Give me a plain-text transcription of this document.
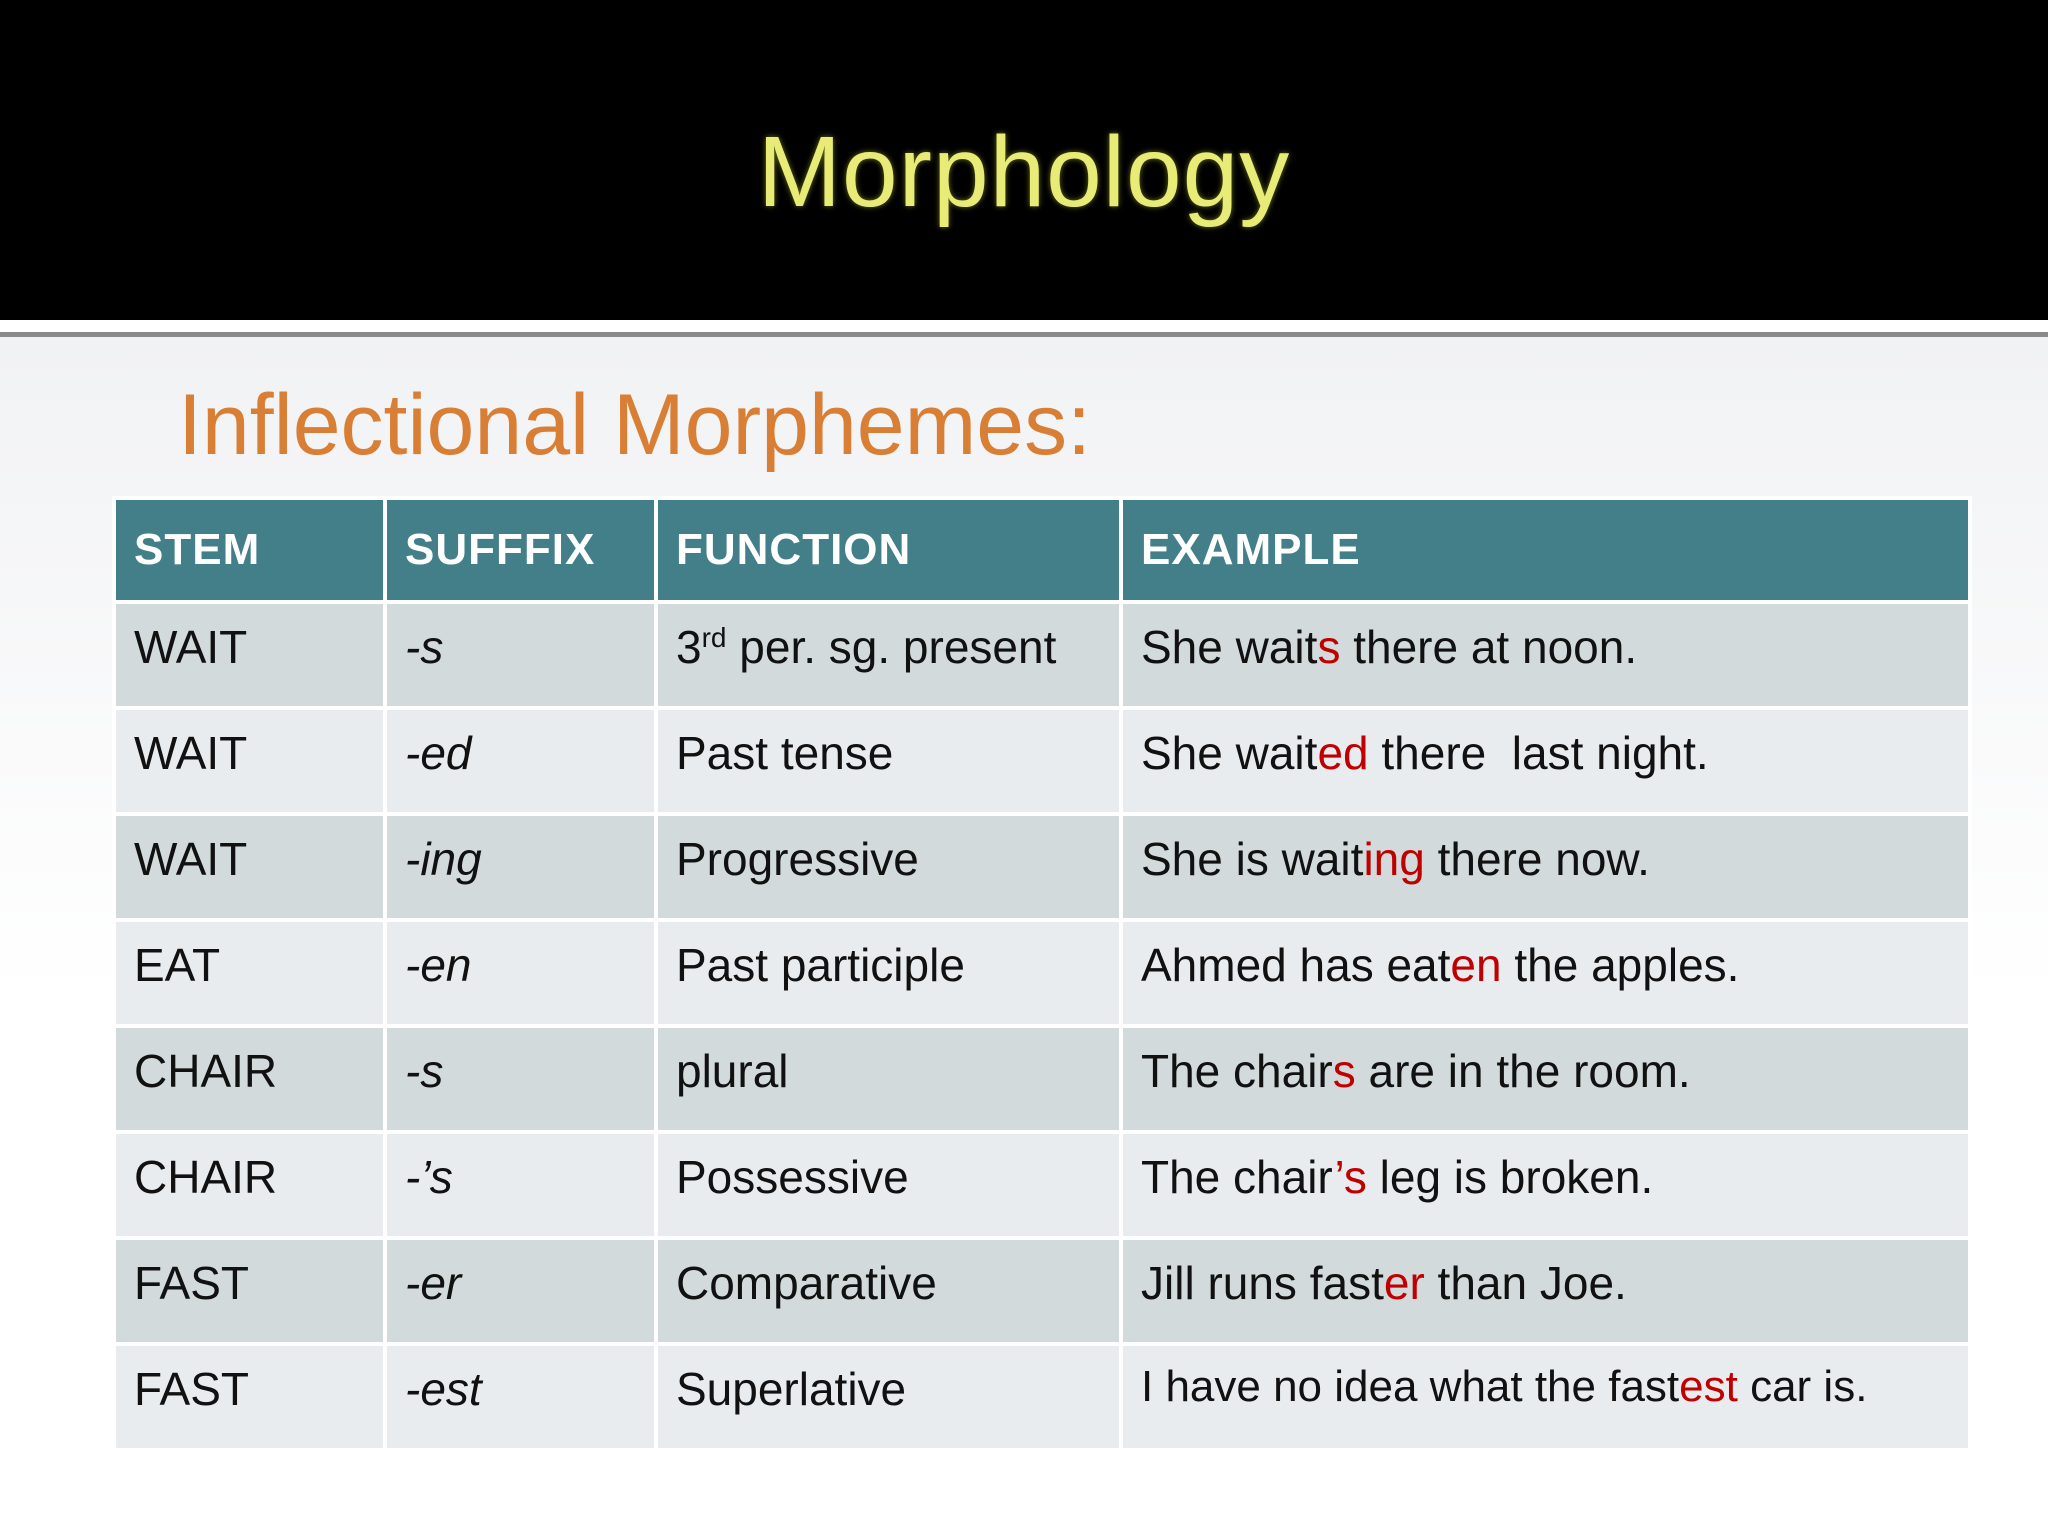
Morphology
Inflectional Morphemes:
STEM	SUFFFIX	FUNCTION	EXAMPLE
WAIT	-s	3rd per. sg. present	She waits there at noon.
WAIT	-ed	Past tense	She waited there  last night.
WAIT	-ing	Progressive	She is waiting there now.
EAT	-en	Past participle	Ahmed has eaten the apples.
CHAIR	-s	plural	The chairs are in the room.
CHAIR	-’s	Possessive	The chair’s leg is broken.
FAST	-er	Comparative	Jill runs faster than Joe.
FAST	-est	Superlative	I have no idea what the fastest car is.
